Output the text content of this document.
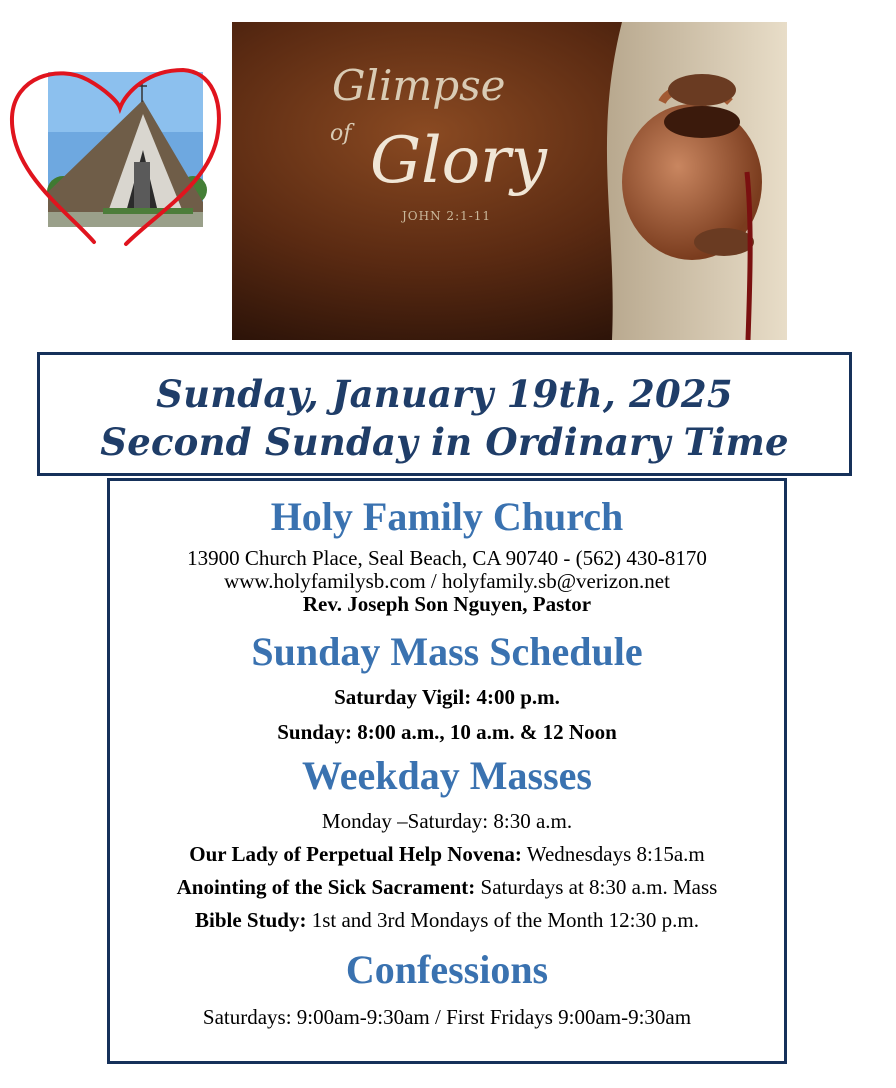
Glimpse
of Glory
JOHN 2:1-11
Sunday, January 19th, 2025
Second Sunday in Ordinary Time
Holy Family Church
13900 Church Place, Seal Beach, CA 90740 - (562) 430-8170
www.holyfamilysb.com / holyfamily.sb@verizon.net
Rev. Joseph Son Nguyen, Pastor
Sunday Mass Schedule
Saturday Vigil: 4:00 p.m.
Sunday: 8:00 a.m., 10 a.m. & 12 Noon
Weekday Masses
Monday –Saturday: 8:30 a.m.
Our Lady of Perpetual Help Novena: Wednesdays 8:15a.m
Anointing of the Sick Sacrament: Saturdays at 8:30 a.m. Mass
Bible Study: 1st and 3rd Mondays of the Month 12:30 p.m.
Confessions
Saturdays: 9:00am-9:30am / First Fridays 9:00am-9:30am
